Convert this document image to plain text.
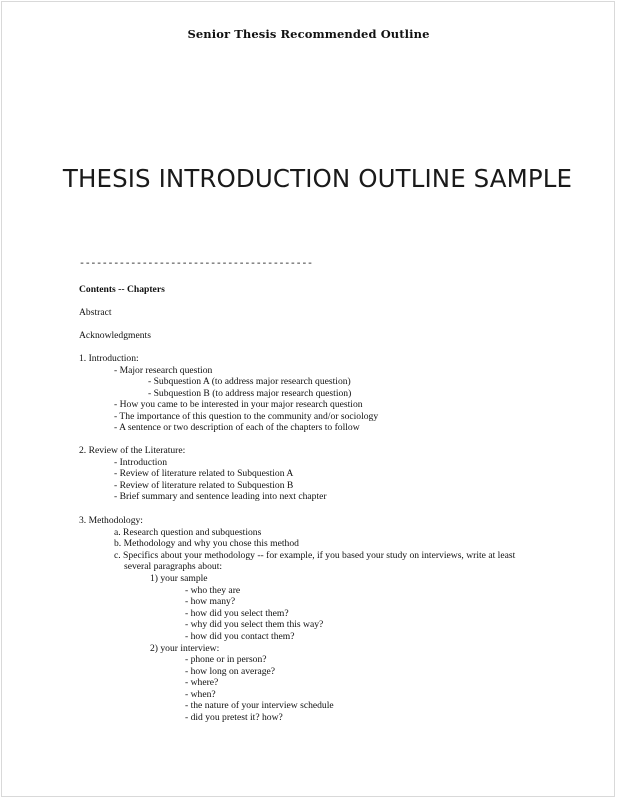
Senior Thesis Recommended Outline
THESIS INTRODUCTION OUTLINE SAMPLE
-----------------------------------------
Contents -- Chapters
Abstract
Acknowledgments
1. Introduction:
- Major research question
- Subquestion A (to address major research question)
- Subquestion B (to address major research question)
- How you came to be interested in your major research question
- The importance of this question to the community and/or sociology
- A sentence or two description of each of the chapters to follow
2. Review of the Literature:
- Introduction
- Review of literature related to Subquestion A
- Review of literature related to Subquestion B
- Brief summary and sentence leading into next chapter
3. Methodology:
a. Research question and subquestions
b. Methodology and why you chose this method
c. Specifics about your methodology -- for example, if you based your study on interviews, write at least
several paragraphs about:
1) your sample
- who they are
- how many?
- how did you select them?
- why did you select them this way?
- how did you contact them?
2) your interview:
- phone or in person?
- how long on average?
- where?
- when?
- the nature of your interview schedule
- did you pretest it? how?
